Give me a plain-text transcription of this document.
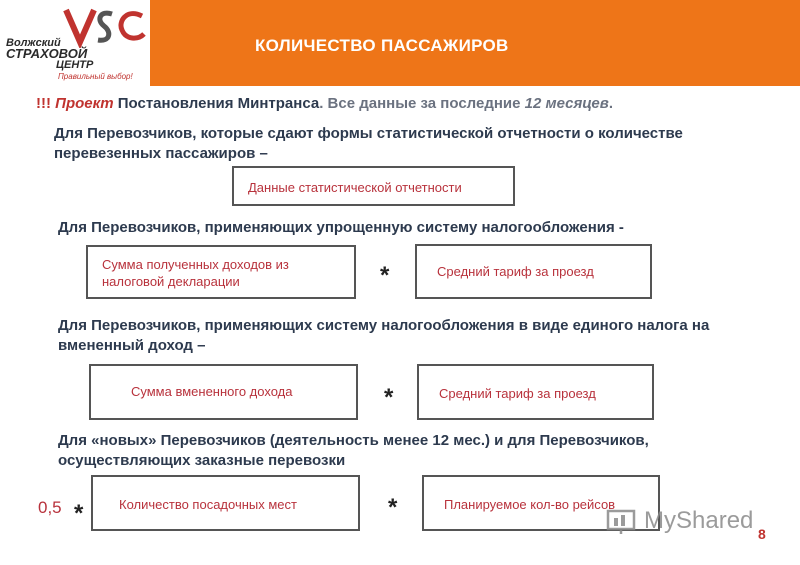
Волжский
СТРАХОВОЙ
ЦЕНТР
Правильный выбор!
КОЛИЧЕСТВО ПАССАЖИРОВ
!!! Проект Постановления Минтранса. Все данные за последние 12 месяцев.
Для Перевозчиков, которые сдают формы статистической отчетности о количестве перевезенных пассажиров –
Данные статистической отчетности
Для Перевозчиков, применяющих упрощенную систему налогообложения -
Сумма полученных доходов из налоговой декларации	*	Средний тариф за проезд
Для Перевозчиков, применяющих систему налогообложения в виде единого налога на вмененный доход –
Сумма вмененного дохода	*	Средний тариф за проезд
Для «новых» Перевозчиков (деятельность менее 12 мес.) и для Перевозчиков, осуществляющих заказные перевозки
0,5 *	Количество посадочных мест	*	Планируемое кол-во рейсов
MyShared 8
